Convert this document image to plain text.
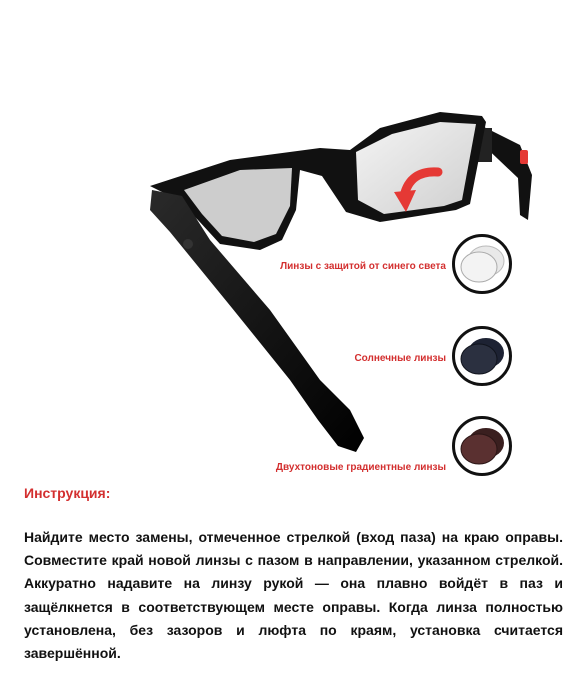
Линзы с защитой от синего света
Солнечные линзы
Двухтоновые градиентные линзы
Инструкция:

Найдите место замены, отмеченное стрелкой (вход паза) на краю оправы. Совместите край новой линзы с пазом в направлении, указанном стрелкой. Аккуратно надавите на линзу рукой — она плавно войдёт в паз и защёлкнется в соответствующем месте оправы. Когда линза полностью установлена, без зазоров и люфта по краям, установка считается завершённой.
